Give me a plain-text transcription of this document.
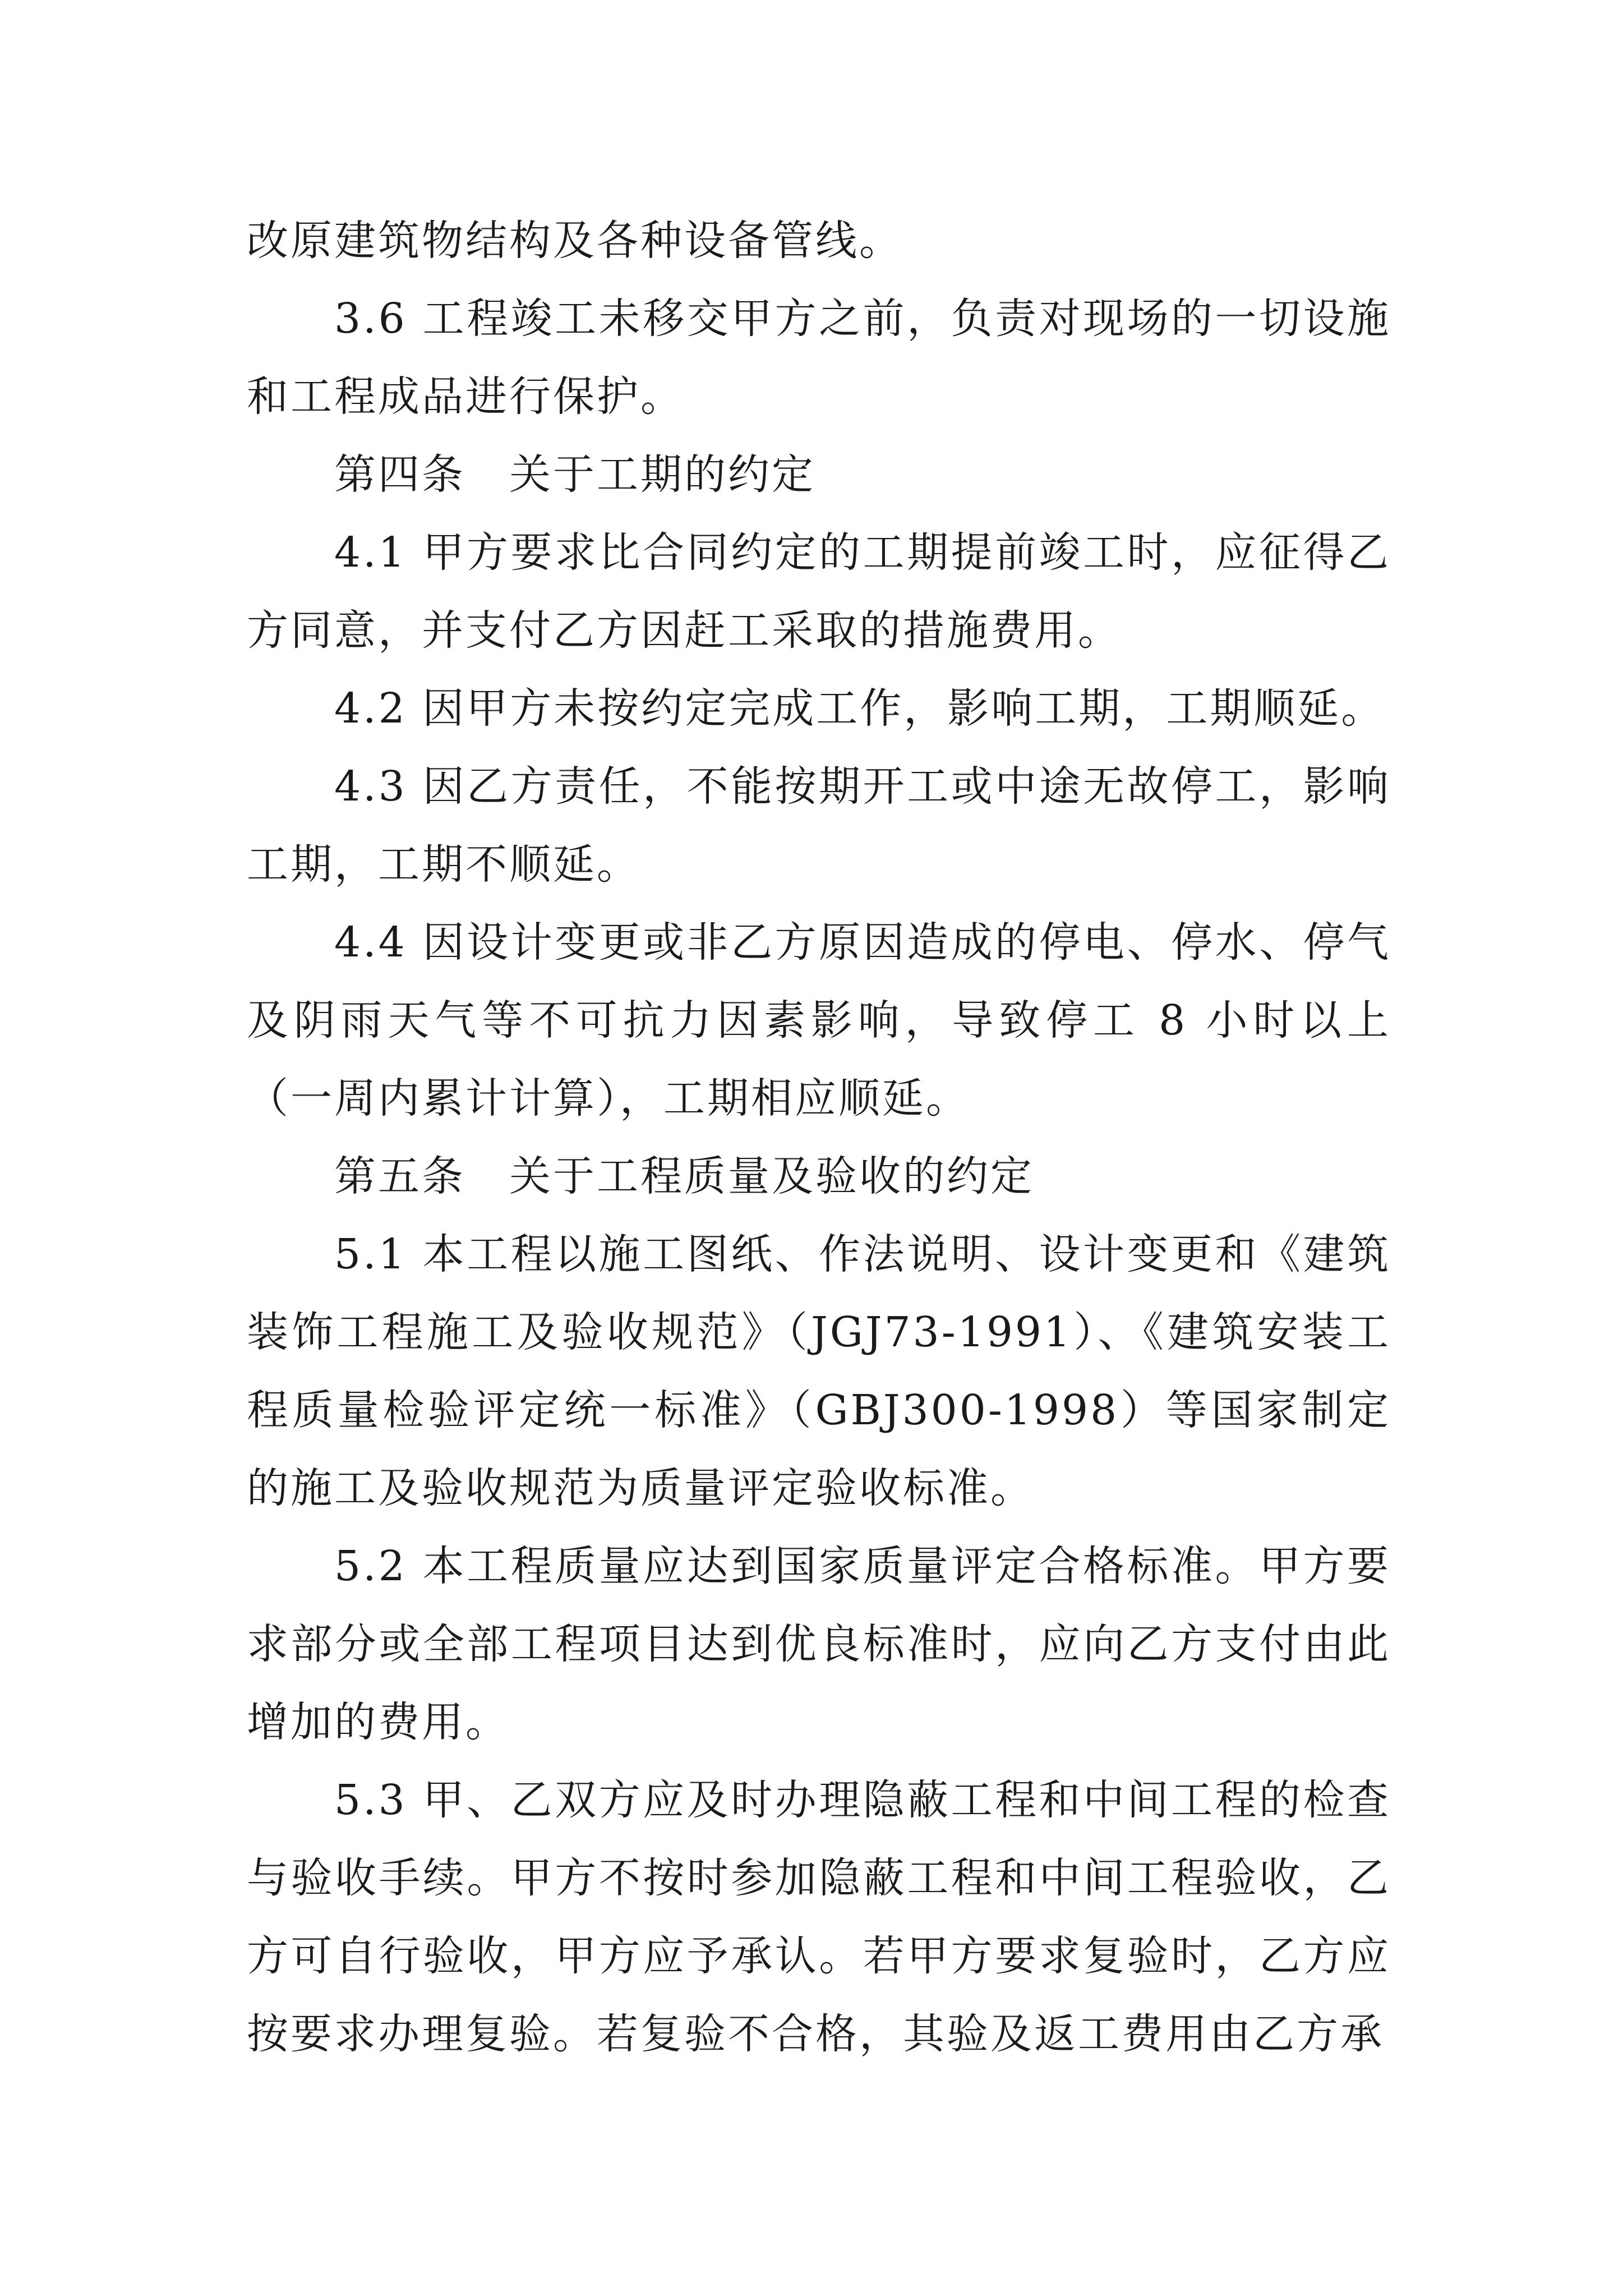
改原建筑物结构及各种设备管线。

3.6 工程竣工未移交甲方之前，负责对现场的一切设施和工程成品进行保护。

第四条　关于工期的约定

4.1 甲方要求比合同约定的工期提前竣工时，应征得乙方同意，并支付乙方因赶工采取的措施费用。

4.2 因甲方未按约定完成工作，影响工期，工期顺延。

4.3 因乙方责任，不能按期开工或中途无故停工，影响工期，工期不顺延。

4.4 因设计变更或非乙方原因造成的停电、停水、停气及阴雨天气等不可抗力因素影响，导致停工 8 小时以上（一周内累计计算），工期相应顺延。

第五条　关于工程质量及验收的约定

5.1 本工程以施工图纸、作法说明、设计变更和《建筑装饰工程施工及验收规范》（JGJ73-1991）、《建筑安装工程质量检验评定统一标准》（GBJ300-1998）等国家制定的施工及验收规范为质量评定验收标准。

5.2 本工程质量应达到国家质量评定合格标准。甲方要求部分或全部工程项目达到优良标准时，应向乙方支付由此增加的费用。

5.3 甲、乙双方应及时办理隐蔽工程和中间工程的检查与验收手续。甲方不按时参加隐蔽工程和中间工程验收，乙方可自行验收，甲方应予承认。若甲方要求复验时，乙方应按要求办理复验。若复验不合格，其验及返工费用由乙方承
